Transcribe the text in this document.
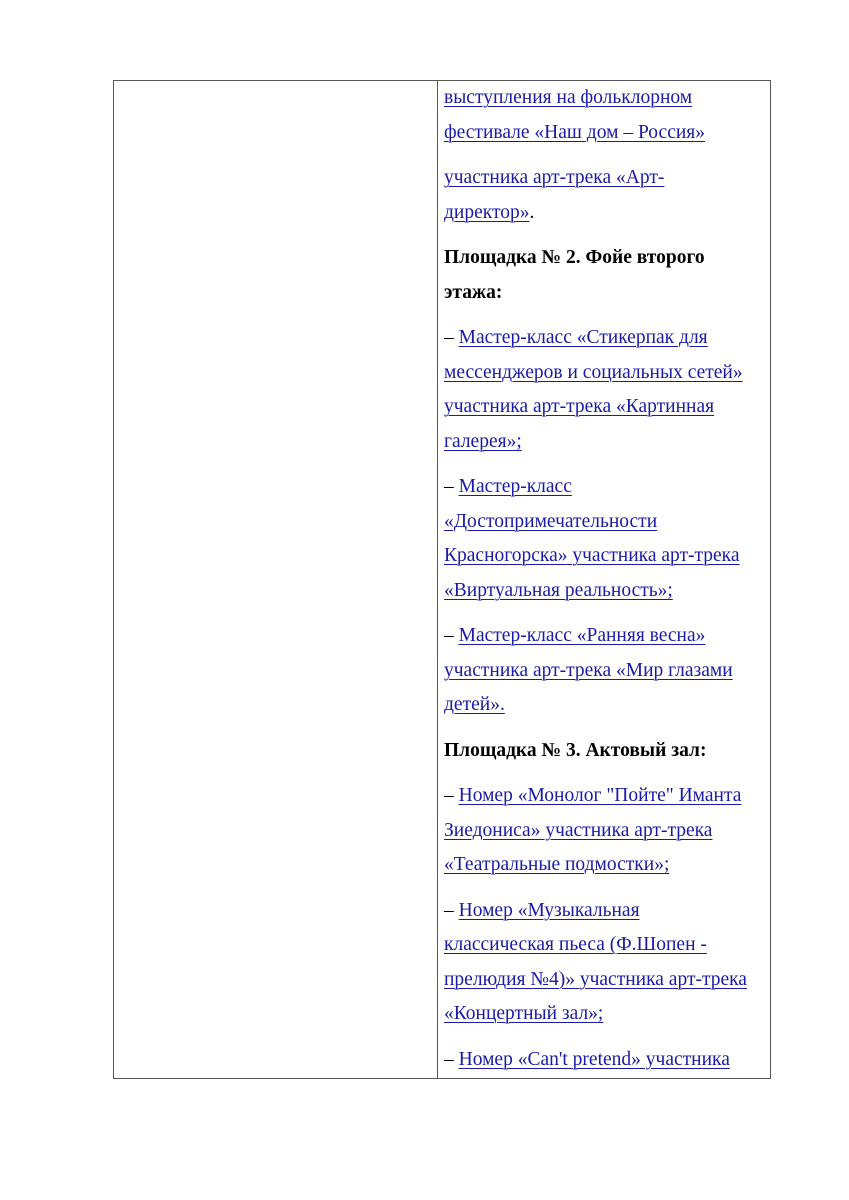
выступления на фольклорном
фестивале «Наш дом – Россия»

участника арт-трека «Арт-
директор».

Площадка № 2. Фойе второго
этажа:

– Мастер-класс «Стикерпак для
мессенджеров и социальных сетей»
участника арт-трека «Картинная
галерея»;

– Мастер-класс
«Достопримечательности
Красногорска» участника арт-трека
«Виртуальная реальность»;

– Мастер-класс «Ранняя весна»
участника арт-трека «Мир глазами
детей».

Площадка № 3. Актовый зал:

– Номер «Монолог "Пойте" Иманта
Зиедониса» участника арт-трека
«Театральные подмостки»;

– Номер «Музыкальная
классическая пьеса (Ф.Шопен -
прелюдия №4)» участника арт-трека
«Концертный зал»;

– Номер «Can't pretend» участника
